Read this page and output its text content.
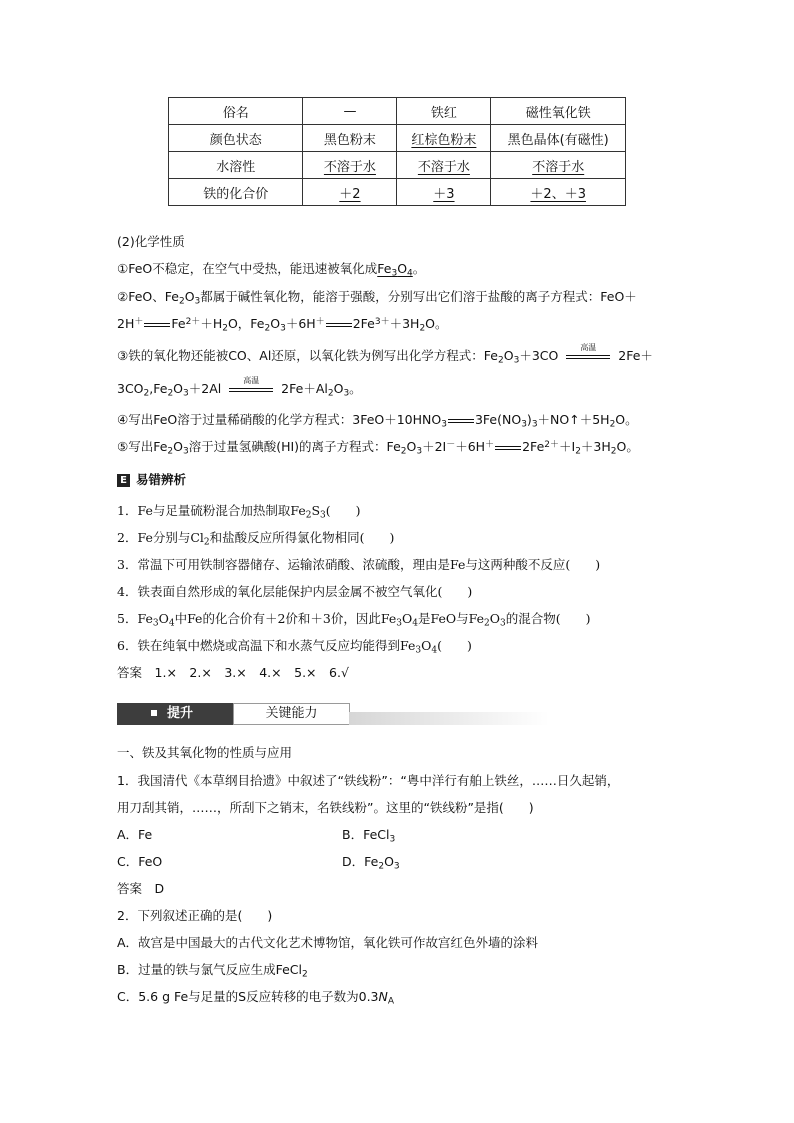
俗名	—	铁红	磁性氧化铁
颜色状态	黑色粉末	红棕色粉末	黑色晶体(有磁性)
水溶性	不溶于水	不溶于水	不溶于水
铁的化合价	＋2	＋3	＋2、＋3
(2)化学性质
①FeO不稳定，在空气中受热，能迅速被氧化成$Fe_3O_4$。
②FeO、$Fe_2O_3$都属于碱性氧化物，能溶于强酸，分别写出它们溶于盐酸的离子方程式：FeO＋
2H＋ $Fe^{2+}+H_2O$，$Fe_2O_3+6H^+$ $2Fe^{3+}+3H_2O$。
③铁的氧化物还能被CO、Al还原，以氧化铁为例写出化学方程式：$Fe_2O_3+3CO$
高温
2Fe＋
$3CO_2,Fe_2O_3+2Al$
高温
$2Fe+Al_2O_3$。
④写出FeO溶于过量稀硝酸的化学方程式：$3FeO+10HNO_3$ $3Fe(NO_3)_3+NO↑+5H_2O$。
⑤写出$Fe_2O_3$溶于过量氢碘酸(HI)的离子方程式：$Fe_2O_3+2I^-+6H^+$ $2Fe^{2+}+I_2+3H_2O$。
E 易错辨析
1．Fe与足量硫粉混合加热制取$Fe_2S_3$(　　)
2．Fe分别与$Cl_2$和盐酸反应所得氯化物相同(　　)
3．常温下可用铁制容器储存、运输浓硝酸、浓硫酸，理由是Fe与这两种酸不反应(　　)
4．铁表面自然形成的氧化层能保护内层金属不被空气氧化(　　)
5．$Fe_3O_4$中Fe的化合价有＋2价和＋3价，因此$Fe_3O_4$是FeO与$Fe_2O_3$的混合物(　　)
6．铁在纯氧中燃烧或高温下和水蒸气反应均能得到$Fe_3O_4$(　　)
答案　 1.×　2.×　3.×　4.×　5.×　6.√
提升	关键能力
一、铁及其氧化物的性质与应用
1．我国清代《本草纲目拾遗》中叙述了“铁线粉”：“粤中洋行有舶上铁丝，……日久起销，
用刀刮其销，……，所刮下之销末，名铁线粉”。这里的“铁线粉”是指(　　)
A．Fe	B．FeCl$_3$
C．FeO	D．$Fe_2O_3$
答案　 D
2．下列叙述正确的是(　　)
A．故宫是中国最大的古代文化艺术博物馆，氧化铁可作故宫红色外墙的涂料
B．过量的铁与氯气反应生成FeCl$_2$
C．5.6 g Fe与足量的S反应转移的电子数为$0.3N_A$
